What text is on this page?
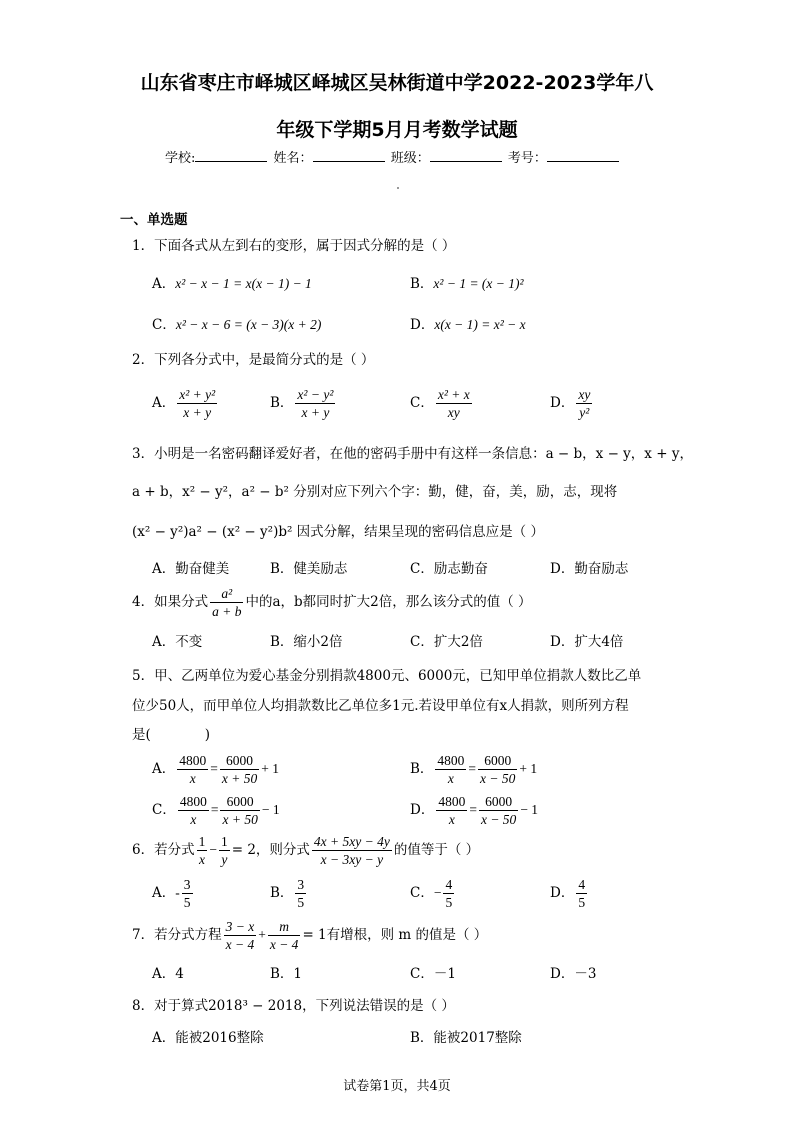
山东省枣庄市峄城区峄城区吴林街道中学2022-2023学年八
年级下学期5月月考数学试题
学校:	姓名：	班级：	考号：
一、单选题
1．下面各式从左到右的变形，属于因式分解的是（ ）
A．x² − x − 1 = x(x − 1) − 1	B．x² − 1 = (x − 1)²
C．x² − x − 6 = (x − 3)(x + 2)	D．x(x − 1) = x² − x
2．下列各分式中，是最简分式的是（ ）
A． $\frac{\text{x² + y²}}{x + y}$	B． $\frac{\text{x² − y²}}{x + y}$	C． $\frac{\text{x² + x}}{xy}$	D． $\frac{xy}{\text{y²}}$
3．小明是一名密码翻译爱好者，在他的密码手册中有这样一条信息：a − b，x − y，x + y，
a + b，x² − y²，a² − b² 分别对应下列六个字：勤，健，奋，美，励，志，现将
(x² − y²)a² − (x² − y²)b² 因式分解，结果呈现的密码信息应是（ ）
A．勤奋健美	B．健美励志	C．励志勤奋	D．勤奋励志
4．如果分式 $\frac{\text{a²}}{a + b}$ 中的a，b都同时扩大2倍，那么该分式的值（ ）
A．不变	B．缩小2倍	C．扩大2倍	D．扩大4倍
5．甲、乙两单位为爱心基金分别捐款4800元、6000元，已知甲单位捐款人数比乙单
位少50人，而甲单位人均捐款数比乙单位多1元.若设甲单位有x人捐款，则所列方程
是(　　　　)
A． $\frac{4800}{x} = \frac{6000}{x + 50} + 1$	B． $\frac{4800}{x} = \frac{6000}{x - 50} + 1$
C． $\frac{4800}{x} = \frac{6000}{x + 50} - 1$	D． $\frac{4800}{x} = \frac{6000}{x - 50} - 1$
6．若分式 $\frac{1}{x} - \frac{1}{y} = 2$，则分式 $\frac{4x + 5xy - 4y}{x - 3xy - y}$ 的值等于（ ）
A．- $\frac{3}{5}$	B． $\frac{3}{5}$	C．− $\frac{4}{5}$	D． $\frac{4}{5}$
7．若分式方程 $\frac{3 - x}{x - 4} + \frac{m}{x - 4} = 1$有增根，则 m 的值是（ ）
A．4	B．1	C．－1	D．－3
8．对于算式2018³ − 2018，下列说法错误的是（ ）
A．能被2016整除	B．能被2017整除
试卷第1页，共4页
